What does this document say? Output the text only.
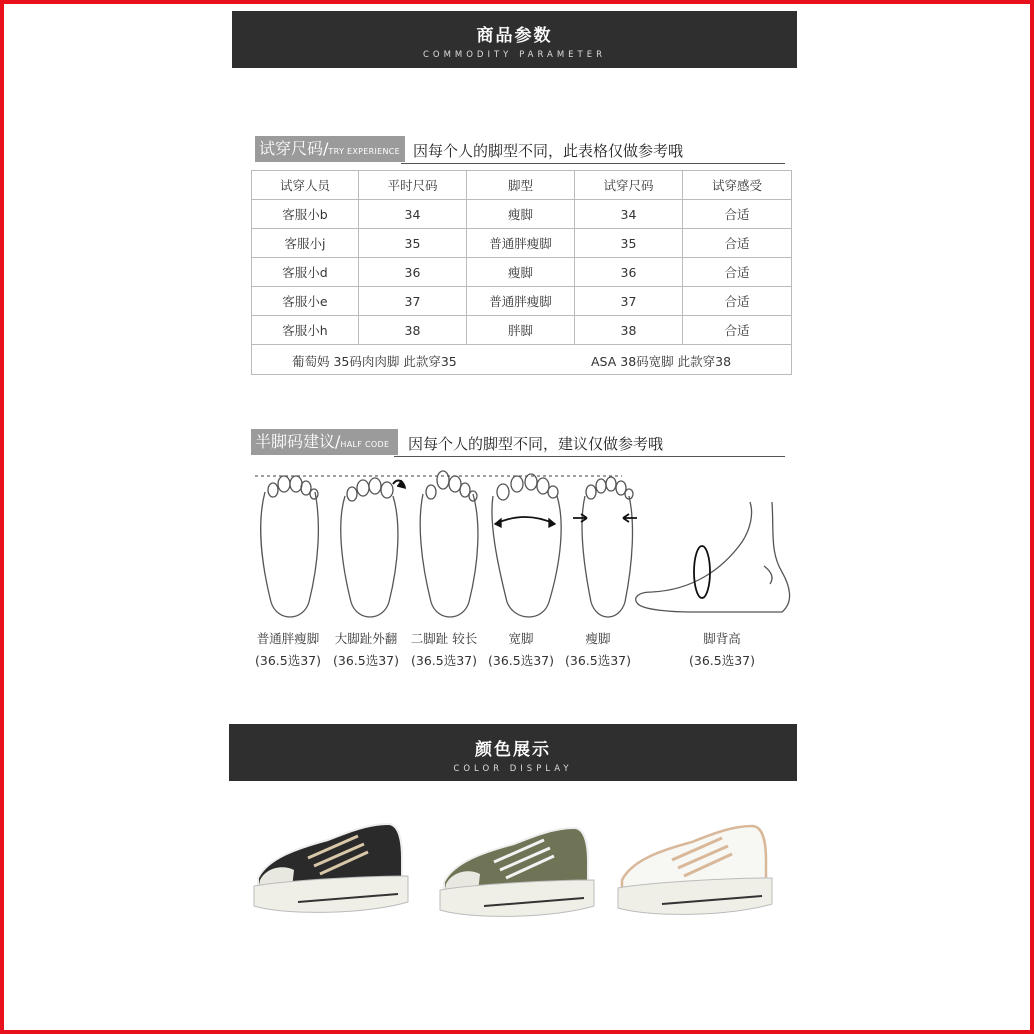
商品参数
COMMODITY PARAMETER
试穿尺码/TRY EXPERIENCE 因每个人的脚型不同，此表格仅做参考哦
试穿人员	平时尺码	脚型	试穿尺码	试穿感受
客服小b	34	瘦脚	34	合适
客服小j	35	普通胖瘦脚	35	合适
客服小d	36	瘦脚	36	合适
客服小e	37	普通胖瘦脚	37	合适
客服小h	38	胖脚	38	合适

葡萄妈 35码肉肉脚 此款穿35	ASA 38码宽脚 此款穿38
半脚码建议/HALF CODE	因每个人的脚型不同，建议仅做参考哦
普通胖瘦脚
(36.5选37)
大脚趾外翻
(36.5选37)
二脚趾 较长
(36.5选37)
宽脚
(36.5选37)
瘦脚
(36.5选37)
脚背高
(36.5选37)
颜色展示
COLOR DISPLAY
